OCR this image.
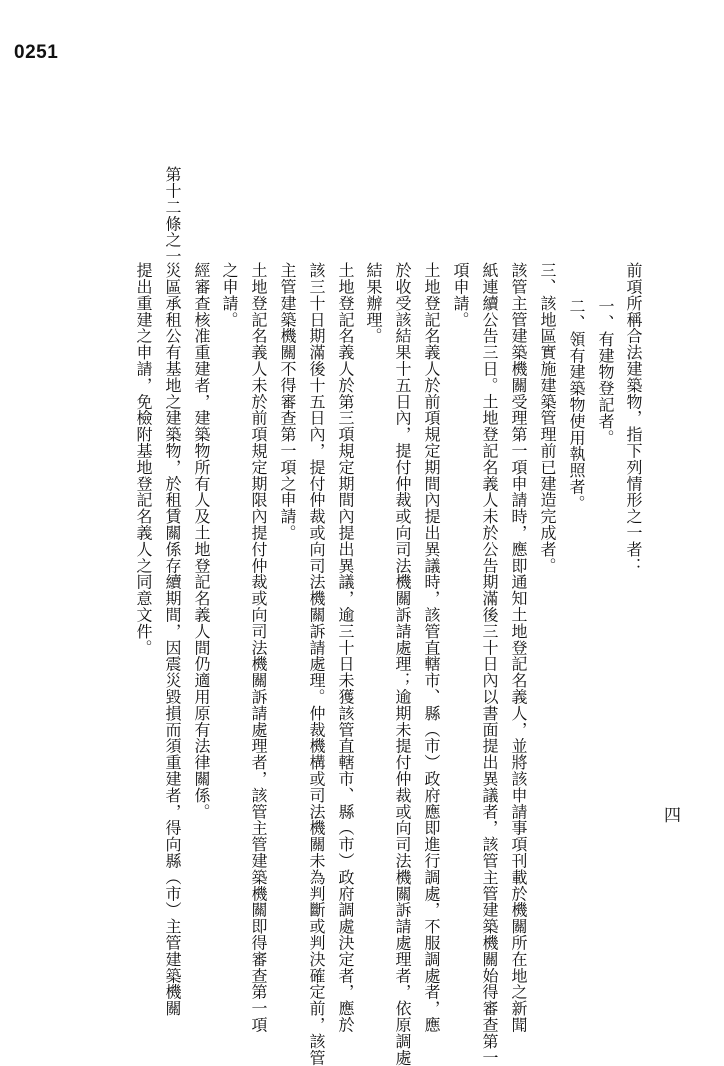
0251
四
前項所稱合法建築物，指下列情形之一者：
一、有建物登記者。
二、領有建築物使用執照者。
三、該地區實施建築管理前已建造完成者。
該管主管建築機關受理第一項申請時，應即通知土地登記名義人，並將該申請事項刊載於機關所在地之新聞
紙連續公告三日。土地登記名義人未於公告期滿後三十日內以書面提出異議者，該管主管建築機關始得審查第一
項申請。
土地登記名義人於前項規定期間內提出異議時，該管直轄市、縣（市）政府應即進行調處，不服調處者，應
於收受該結果十五日內，提付仲裁或向司法機關訴請處理；逾期未提付仲裁或向司法機關訴請處理者，依原調處
結果辦理。
土地登記名義人於第三項規定期間內提出異議，逾三十日未獲該管直轄市、縣（市）政府調處決定者，應於
該三十日期滿後十五日內，提付仲裁或向司法機關訴請處理。仲裁機構或司法機關未為判斷或判決確定前，該管
主管建築機關不得審查第一項之申請。
土地登記名義人未於前項規定期限內提付仲裁或向司法機關訴請處理者，該管主管建築機關即得審查第一項
之申請。
經審查核准重建者，建築物所有人及土地登記名義人間仍適用原有法律關係。
第十二條之一
災區承租公有基地之建築物，於租賃關係存續期間，因震災毀損而須重建者，得向縣（市）主管建築機關
提出重建之申請，免檢附基地登記名義人之同意文件。
